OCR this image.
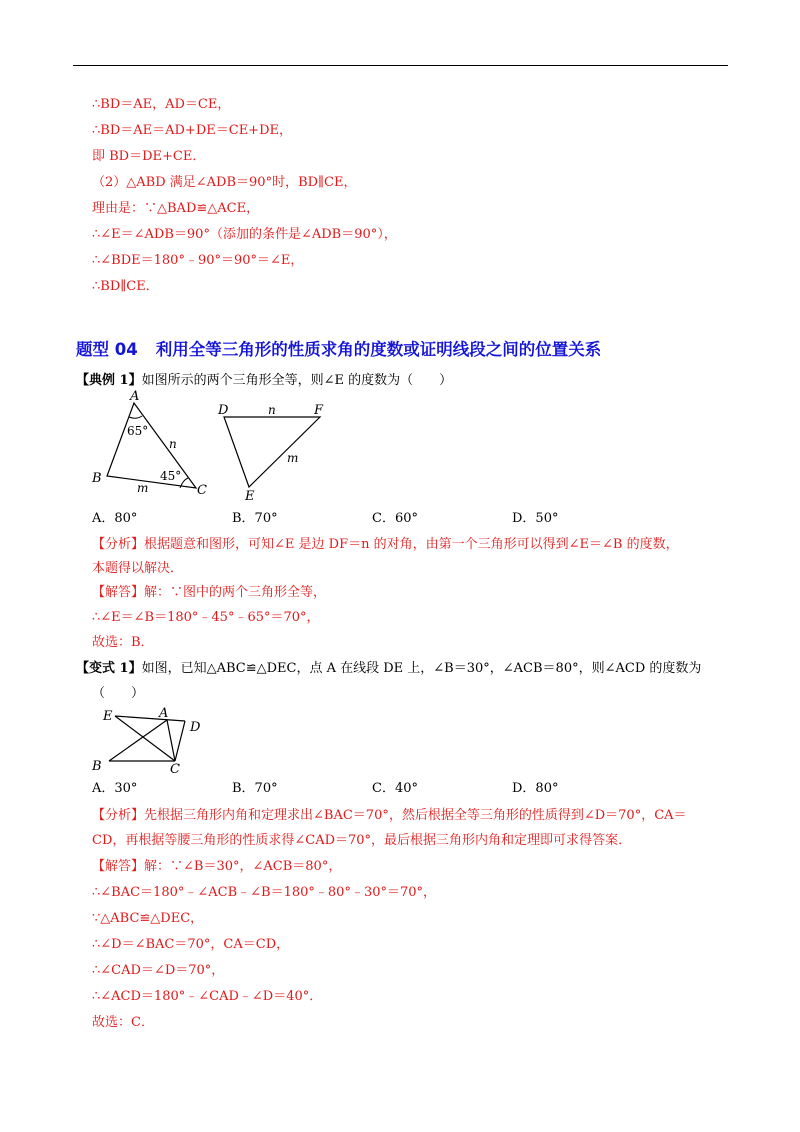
∴BD＝AE，AD＝CE，
∴BD＝AE＝AD+DE＝CE+DE，
即 BD＝DE+CE．
（2）△ABD 满足∠ADB＝90°时，BD∥CE，
理由是：∵△BAD≌△ACE，
∴∠E＝∠ADB＝90°（添加的条件是∠ADB＝90°），
∴∠BDE＝180°﹣90°＝90°＝∠E，
∴BD∥CE．
题型 04 利用全等三角形的性质求角的度数或证明线段之间的位置关系
【典例 1】如图所示的两个三角形全等，则∠E 的度数为（　　）
A
B
C
65°
45°
n
m
D	F
E
n
m
A．80°	B．70°	C．60°	D．50°
【分析】根据题意和图形，可知∠E 是边 DF＝n 的对角，由第一个三角形可以得到∠E＝∠B 的度数，
本题得以解决．
【解答】解：∵图中的两个三角形全等，
∴∠E＝∠B＝180°﹣45°﹣65°＝70°，
故选：B．
【变式 1】如图，已知△ABC≌△DEC，点 A 在线段 DE 上，∠B＝30°，∠ACB＝80°，则∠ACD 的度数为
（　　）
E	A
D
B	C
A．30°	B．70°	C．40°	D．80°
【分析】先根据三角形内角和定理求出∠BAC＝70°，然后根据全等三角形的性质得到∠D＝70°，CA＝
CD，再根据等腰三角形的性质求得∠CAD＝70°，最后根据三角形内角和定理即可求得答案．
【解答】解：∵∠B＝30°，∠ACB＝80°，
∴∠BAC＝180°﹣∠ACB﹣∠B＝180°﹣80°﹣30°＝70°，
∵△ABC≌△DEC，
∴∠D＝∠BAC＝70°，CA＝CD，
∴∠CAD＝∠D＝70°，
∴∠ACD＝180°﹣∠CAD﹣∠D＝40°．
故选：C．
